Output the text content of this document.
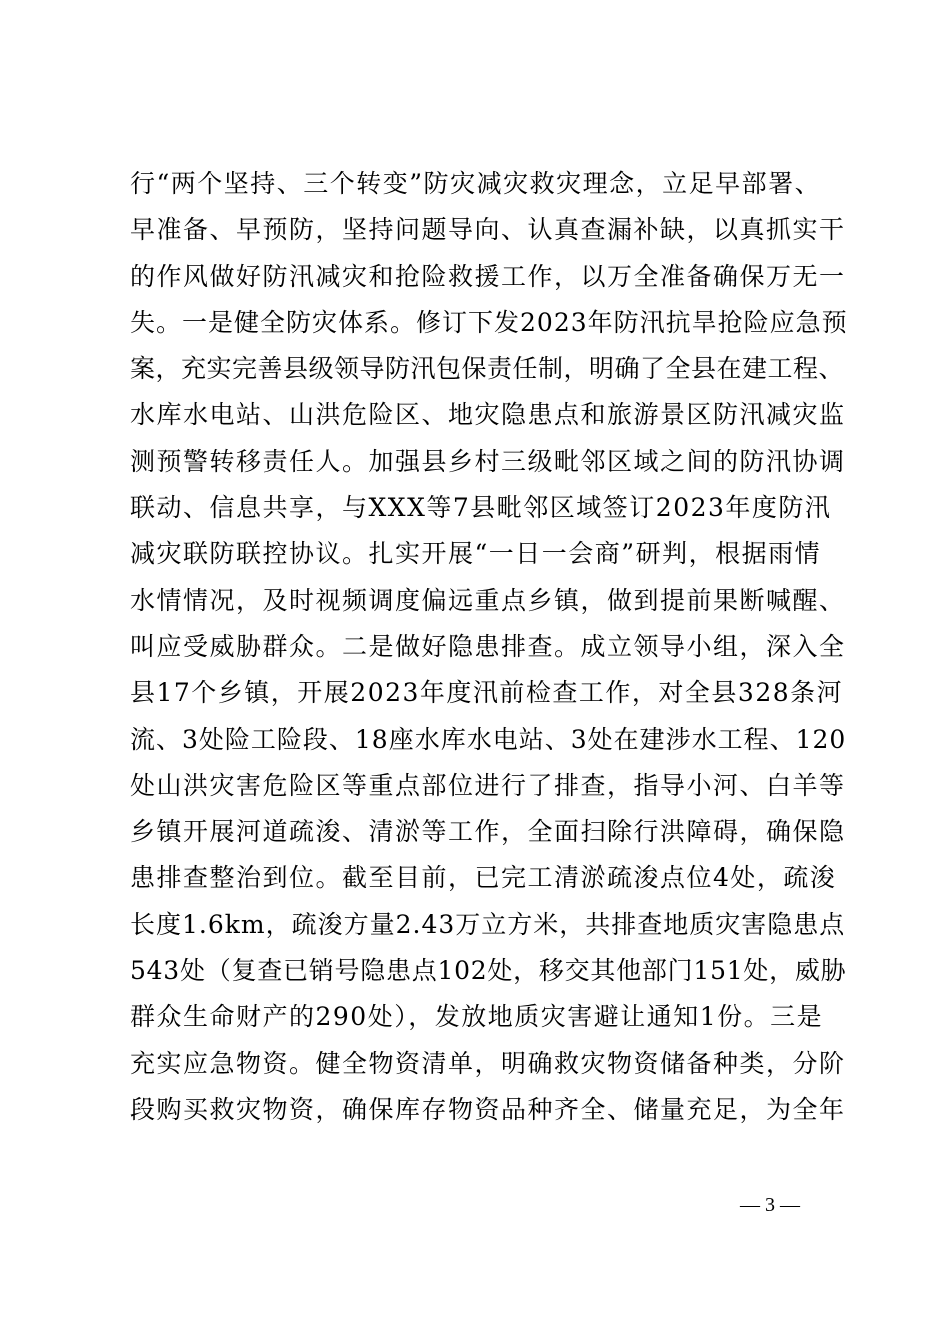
行“两个坚持、三个转变”防灾减灾救灾理念，立足早部署、
早准备、早预防，坚持问题导向、认真查漏补缺，以真抓实干
的作风做好防汛减灾和抢险救援工作，以万全准备确保万无一
失。一是健全防灾体系。修订下发2023年防汛抗旱抢险应急预
案，充实完善县级领导防汛包保责任制，明确了全县在建工程、
水库水电站、山洪危险区、地灾隐患点和旅游景区防汛减灾监
测预警转移责任人。加强县乡村三级毗邻区域之间的防汛协调
联动、信息共享，与XXX等7县毗邻区域签订2023年度防汛
减灾联防联控协议。扎实开展“一日一会商”研判，根据雨情
水情情况，及时视频调度偏远重点乡镇，做到提前果断喊醒、
叫应受威胁群众。二是做好隐患排查。成立领导小组，深入全
县17个乡镇，开展2023年度汛前检查工作，对全县328条河
流、3处险工险段、18座水库水电站、3处在建涉水工程、120
处山洪灾害危险区等重点部位进行了排查，指导小河、白羊等
乡镇开展河道疏浚、清淤等工作，全面扫除行洪障碍，确保隐
患排查整治到位。截至目前，已完工清淤疏浚点位4处，疏浚
长度1.6km，疏浚方量2.43万立方米，共排查地质灾害隐患点
543处（复查已销号隐患点102处，移交其他部门151处，威胁
群众生命财产的290处），发放地质灾害避让通知1份。三是
充实应急物资。健全物资清单，明确救灾物资储备种类，分阶
段购买救灾物资，确保库存物资品种齐全、储量充足，为全年
— 3 —
